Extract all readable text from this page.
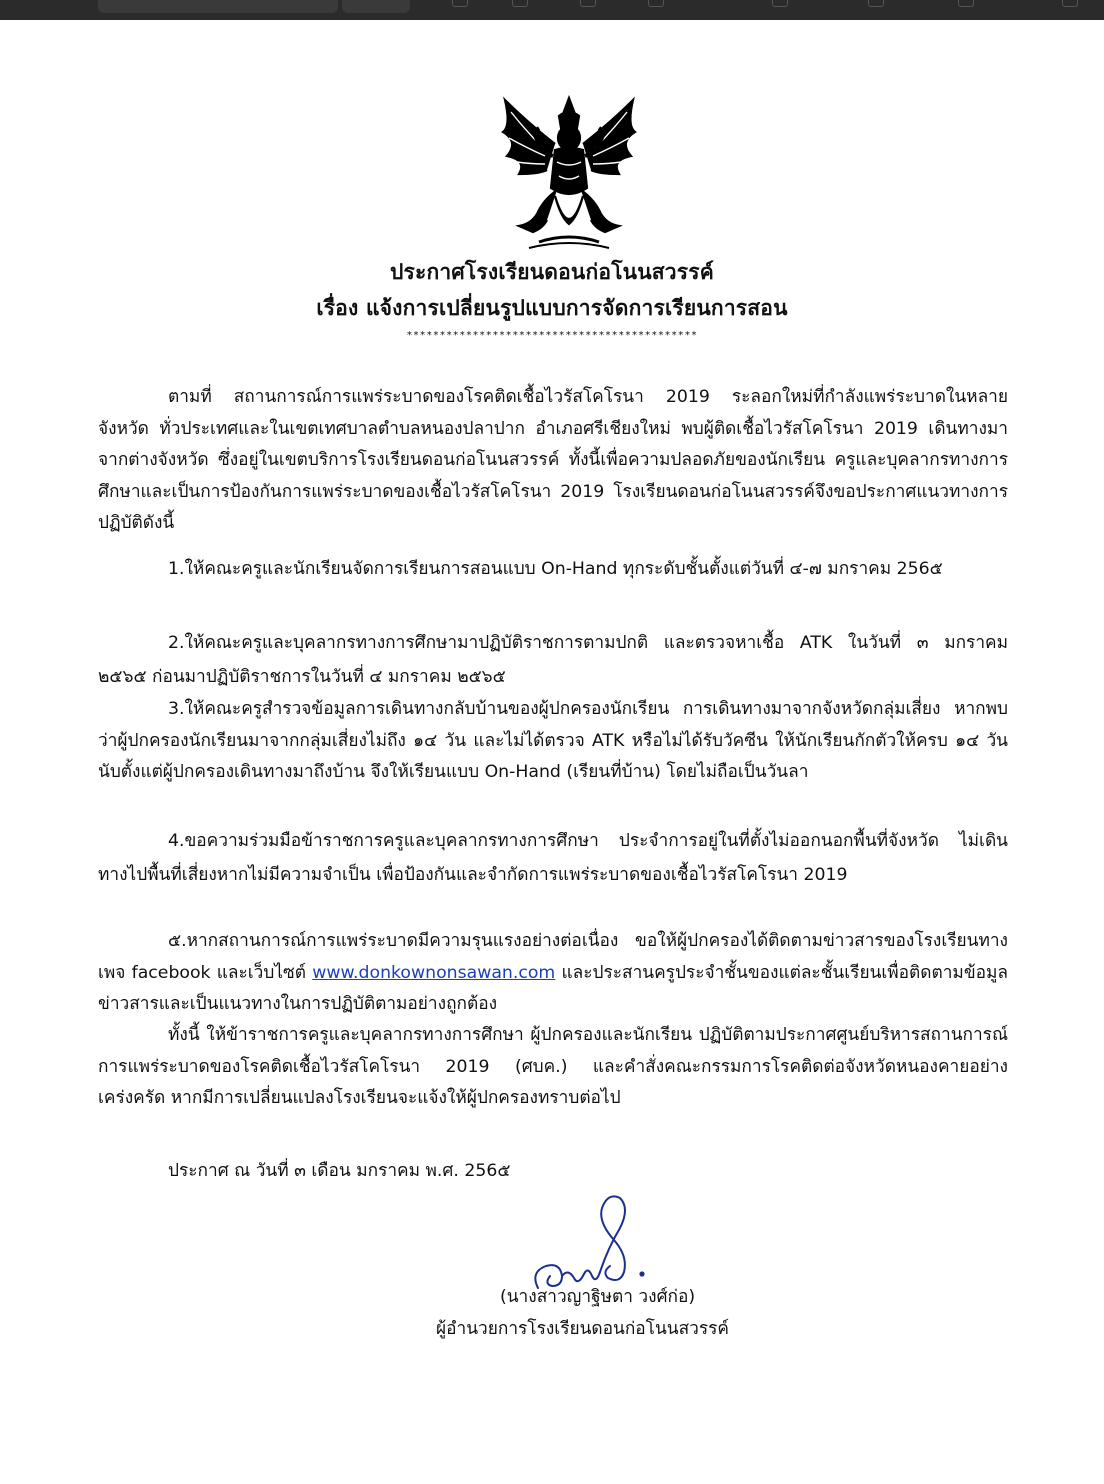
ประกาศโรงเรียนดอนก่อโนนสวรรค์
เรื่อง แจ้งการเปลี่ยนรูปแบบการจัดการเรียนการสอน
********************************************

ตามที่ สถานการณ์การแพร่ระบาดของโรคติดเชื้อไวรัสโคโรนา 2019 ระลอกใหม่ที่กำลังแพร่ระบาดในหลายจังหวัด ทั่วประเทศและในเขตเทศบาลตำบลหนองปลาปาก อำเภอศรีเชียงใหม่ พบผู้ติดเชื้อไวรัสโคโรนา 2019 เดินทางมาจากต่างจังหวัด ซึ่งอยู่ในเขตบริการโรงเรียนดอนก่อโนนสวรรค์ ทั้งนี้เพื่อความปลอดภัยของนักเรียน ครูและบุคลากรทางการศึกษาและเป็นการป้องกันการแพร่ระบาดของเชื้อไวรัสโคโรนา 2019 โรงเรียนดอนก่อโนนสวรรค์จึงขอประกาศแนวทางการปฏิบัติดังนี้

1.ให้คณะครูและนักเรียนจัดการเรียนการสอนแบบ On-Hand ทุกระดับชั้นตั้งแต่วันที่ ๔-๗ มกราคม 256๕

2.ให้คณะครูและบุคลากรทางการศึกษามาปฏิบัติราชการตามปกติ และตรวจหาเชื้อ ATK ในวันที่ ๓ มกราคม ๒๕๖๕ ก่อนมาปฏิบัติราชการในวันที่ ๔ มกราคม ๒๕๖๕

3.ให้คณะครูสำรวจข้อมูลการเดินทางกลับบ้านของผู้ปกครองนักเรียน การเดินทางมาจากจังหวัดกลุ่มเสี่ยง หากพบว่าผู้ปกครองนักเรียนมาจากกลุ่มเสี่ยงไม่ถึง ๑๔ วัน และไม่ได้ตรวจ ATK หรือไม่ได้รับวัคซีน ให้นักเรียนกักตัวให้ครบ ๑๔ วัน นับตั้งแต่ผู้ปกครองเดินทางมาถึงบ้าน จึงให้เรียนแบบ On-Hand (เรียนที่บ้าน) โดยไม่ถือเป็นวันลา

4.ขอความร่วมมือข้าราชการครูและบุคลากรทางการศึกษา ประจำการอยู่ในที่ตั้งไม่ออกนอกพื้นที่จังหวัด ไม่เดินทางไปพื้นที่เสี่ยงหากไม่มีความจำเป็น เพื่อป้องกันและจำกัดการแพร่ระบาดของเชื้อไวรัสโคโรนา 2019

๕.หากสถานการณ์การแพร่ระบาดมีความรุนแรงอย่างต่อเนื่อง ขอให้ผู้ปกครองได้ติดตามข่าวสารของโรงเรียนทางเพจ facebook และเว็บไซต์ www.donkownonsawan.com และประสานครูประจำชั้นของแต่ละชั้นเรียนเพื่อติดตามข้อมูลข่าวสารและเป็นแนวทางในการปฏิบัติตามอย่างถูกต้อง

ทั้งนี้ ให้ข้าราชการครูและบุคลากรทางการศึกษา ผู้ปกครองและนักเรียน ปฏิบัติตามประกาศศูนย์บริหารสถานการณ์การแพร่ระบาดของโรคติดเชื้อไวรัสโคโรนา 2019 (ศบค.) และคำสั่งคณะกรรมการโรคติดต่อจังหวัดหนองคายอย่างเคร่งครัด หากมีการเปลี่ยนแปลงโรงเรียนจะแจ้งให้ผู้ปกครองทราบต่อไป

ประกาศ ณ วันที่ ๓ เดือน มกราคม พ.ศ. 256๕
(นางสาวญาฐิษตา วงศ์ก่อ)
ผู้อำนวยการโรงเรียนดอนก่อโนนสวรรค์
